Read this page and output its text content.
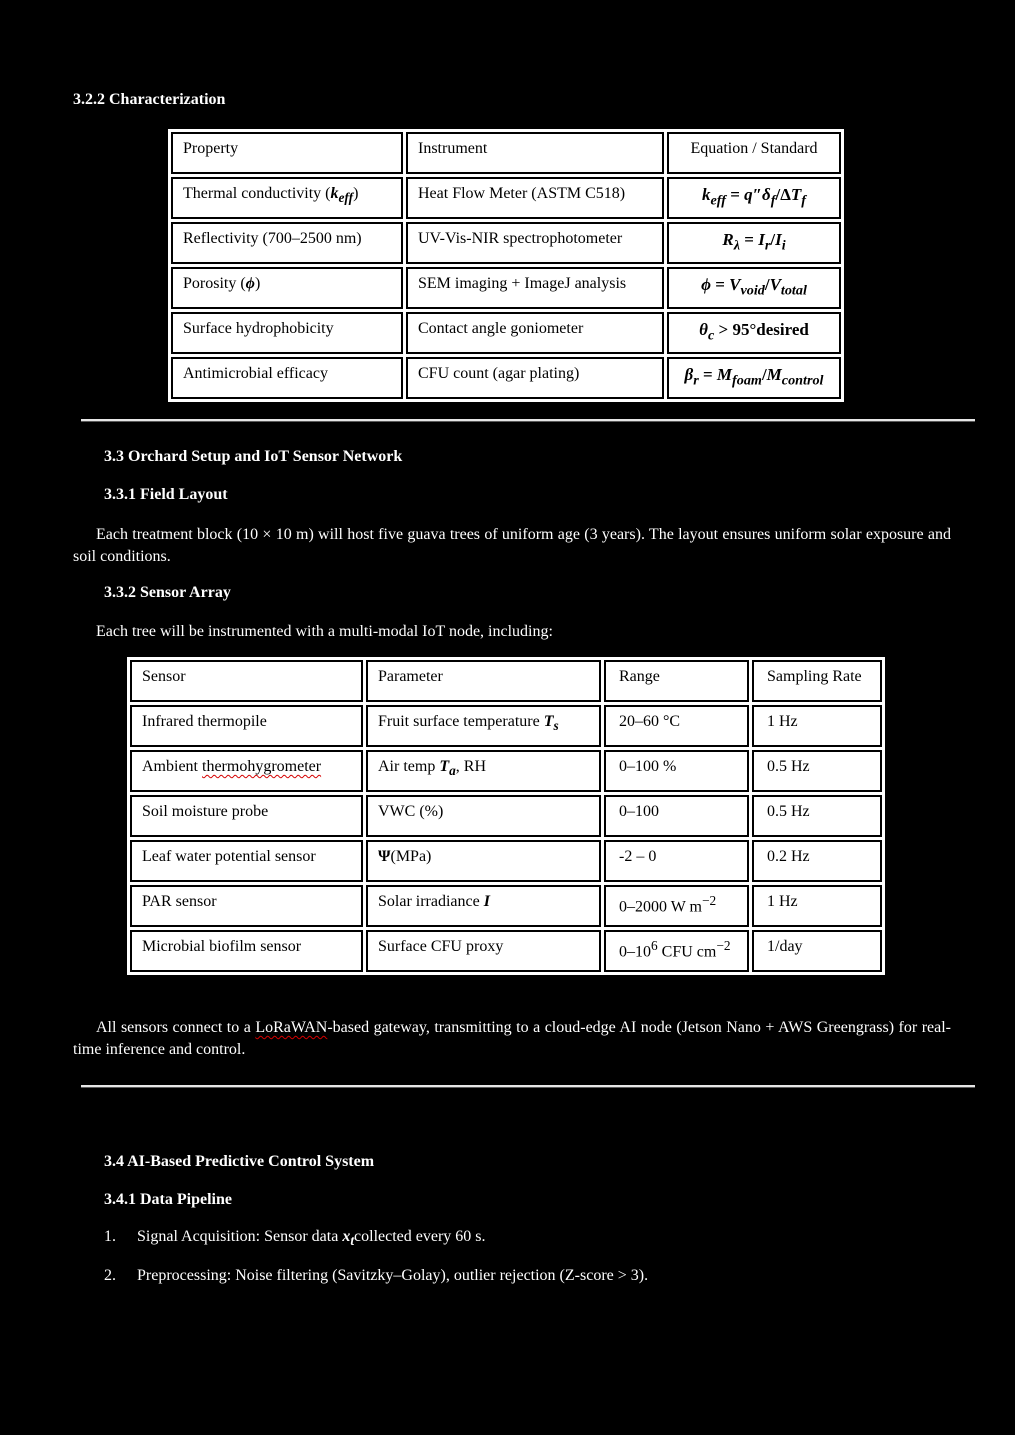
3.2.2 Characterization
Property	Instrument	Equation / Standard
Thermal conductivity $(k_{eff})$	Heat Flow Meter (ASTM C518)	$k_{eff} = q''\delta_f/\Delta T_f$
Reflectivity (700–2500 nm)	UV-Vis-NIR spectrophotometer	$R_\lambda = I_r/I_i$
Porosity (ϕ)	SEM imaging + ImageJ analysis	$\phi = V_{void}/V_{total}$
Surface hydrophobicity	Contact angle goniometer	$\theta_c$ > 95°desired
Antimicrobial efficacy	CFU count (agar plating)	$\beta_r = M_{foam}/M_{control}$
3.3 Orchard Setup and IoT Sensor Network
3.3.1 Field Layout
Each treatment block (10 × 10 m) will host five guava trees of uniform age (3 years). The layout ensures uniform solar exposure and soil conditions.
3.3.2 Sensor Array
Each tree will be instrumented with a multi-modal IoT node, including:
Sensor	Parameter	Range	Sampling Rate
Infrared thermopile	Fruit surface temperature $T_s$	20–60 °C	1 Hz
Ambient thermohygrometer	Air temp $T_a$, RH	0–100 %	0.5 Hz
Soil moisture probe	VWC (%)	0–100	0.5 Hz
Leaf water potential sensor	Ψ(MPa)	-2 – 0	0.2 Hz
PAR sensor	Solar irradiance I	0–2000 W $m^{-2}$	1 Hz
Microbial biofilm sensor	Surface CFU proxy	$0-10^6$ CFU $cm^{-2}$	1/day
All sensors connect to a LoRaWAN-based gateway, transmitting to a cloud-edge AI node (Jetson Nano + AWS Greengrass) for real-time inference and control.
3.4 AI-Based Predictive Control System
3.4.1 Data Pipeline
1. Signal Acquisition: Sensor data $x_tcollected$ every 60 s.
2. Preprocessing: Noise filtering (Savitzky–Golay), outlier rejection (Z-score > 3).
